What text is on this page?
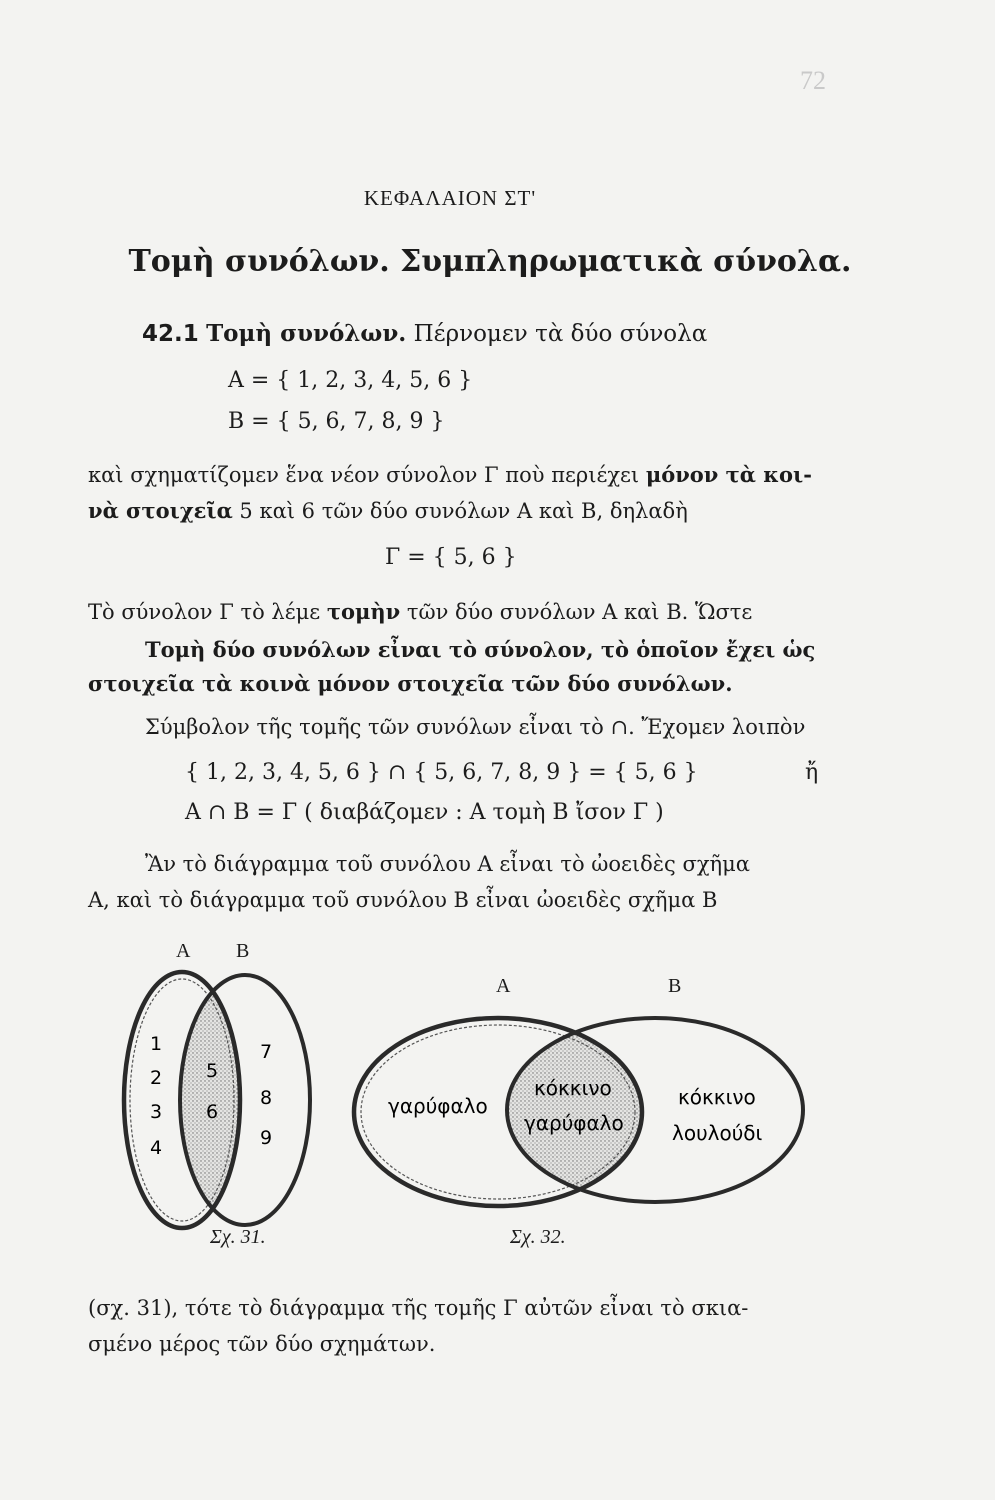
72
ΚΕΦΑΛΑΙΟΝ ΣΤ'
Τομὴ συνόλων. Συμπληρωματικὰ σύνολα.
42.1 Τομὴ συνόλων. Πέρνομεν τὰ δύο σύνολα
A = { 1, 2, 3, 4, 5, 6 }
B = { 5, 6, 7, 8, 9 }
καὶ σχηματίζομεν ἕνα νέον σύνολον Γ ποὺ περιέχει μόνον τὰ κοι-
νὰ στοιχεῖα 5 καὶ 6 τῶν δύο συνόλων A καὶ B, δηλαδὴ
Γ = { 5, 6 }
Τὸ σύνολον Γ τὸ λέμε τομὴν τῶν δύο συνόλων A καὶ B. Ὥστε
Τομὴ δύο συνόλων εἶναι τὸ σύνολον, τὸ ὁποῖον ἔχει ὡς
στοιχεῖα τὰ κοινὰ μόνον στοιχεῖα τῶν δύο συνόλων.
Σύμβολον τῆς τομῆς τῶν συνόλων εἶναι τὸ ∩. Ἔχομεν λοιπὸν
{ 1, 2, 3, 4, 5, 6 } ∩ { 5, 6, 7, 8, 9 } = { 5, 6 }	ἤ
A ∩ B = Γ ( διαβάζομεν : A τομὴ B ἴσον Γ )
Ἂν τὸ διάγραμμα τοῦ συνόλου A εἶναι τὸ ὠοειδὲς σχῆμα
A, καὶ τὸ διάγραμμα τοῦ συνόλου B εἶναι ὠοειδὲς σχῆμα B
A B
A	B
1
2
3
4
5
6
7
8
9
γαρύφαλο
κόκκινο
γαρύφαλο
κόκκινο
λουλούδι
Σχ. 31.	Σχ. 32.
(σχ. 31), τότε τὸ διάγραμμα τῆς τομῆς Γ αὐτῶν εἶναι τὸ σκια-
σμένο μέρος τῶν δύο σχημάτων.
